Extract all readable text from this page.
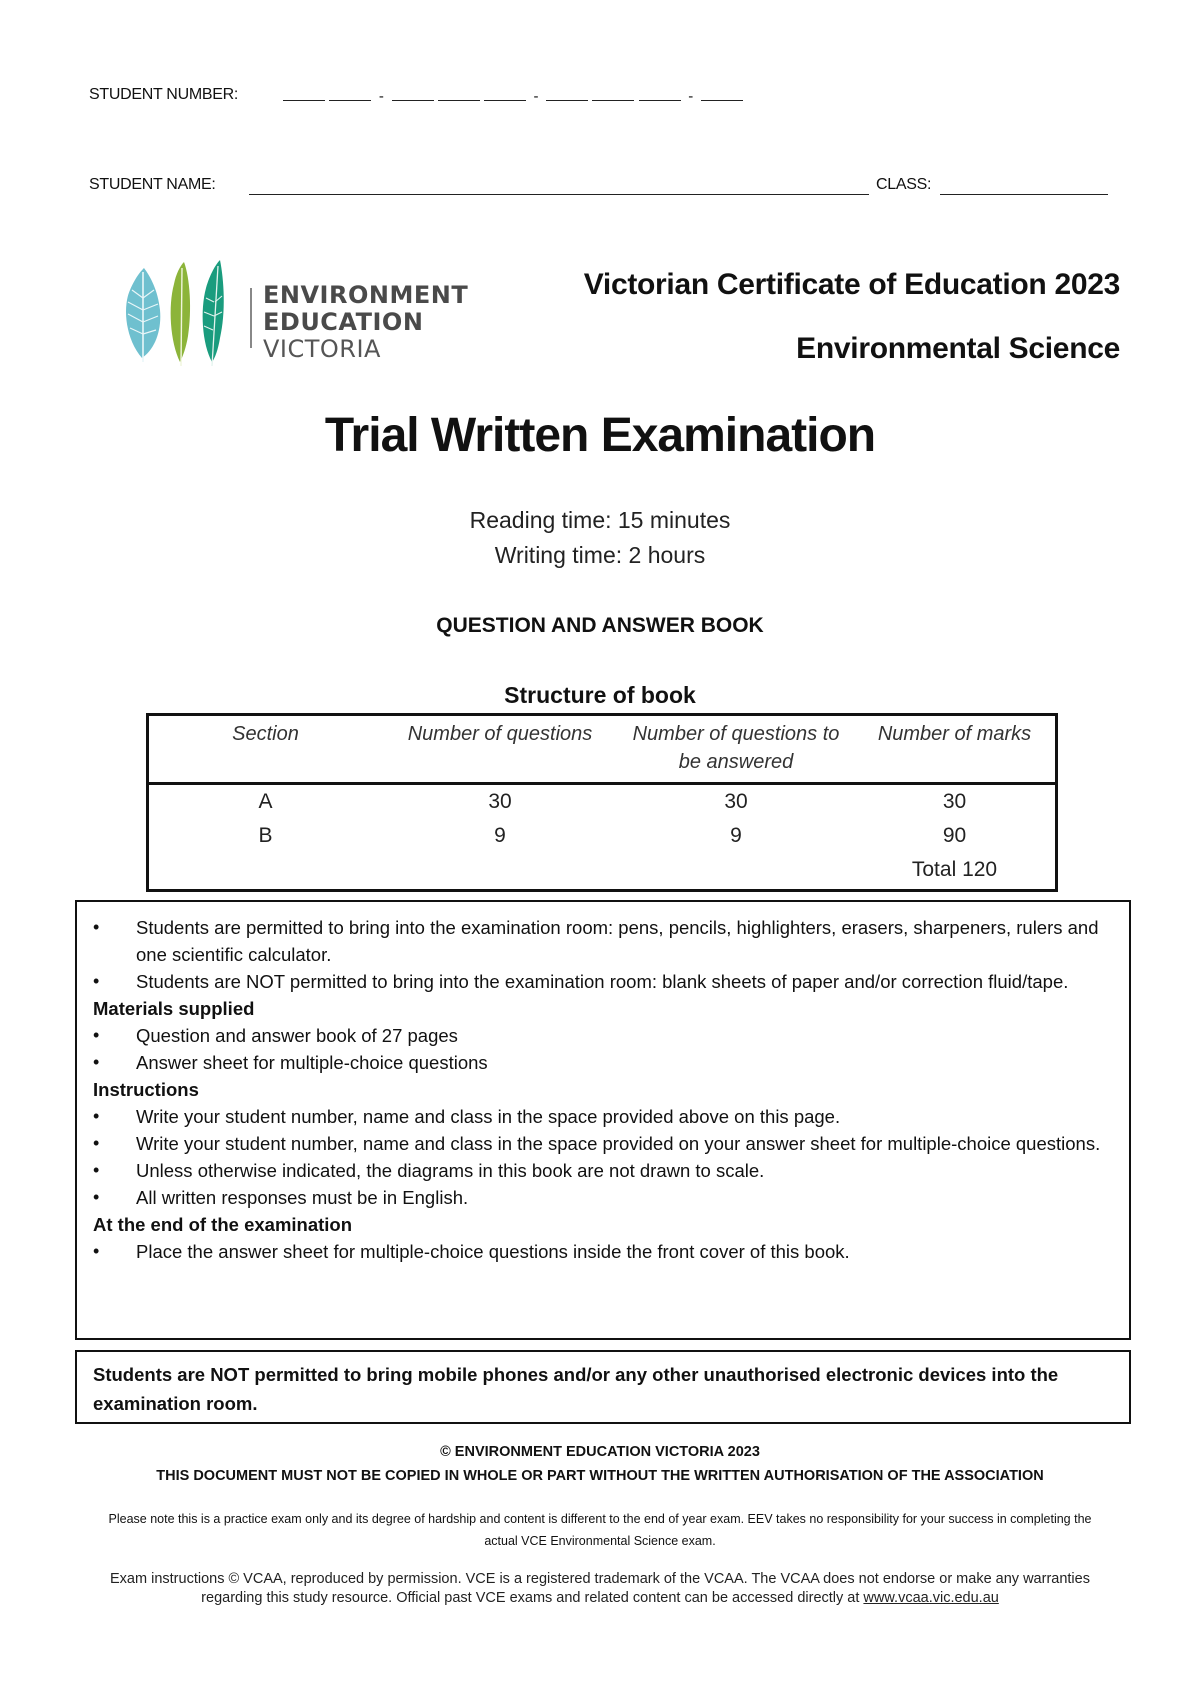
STUDENT NUMBER:	-	-	-
STUDENT NAME:	CLASS:
ENVIRONMENT
EDUCATION
VICTORIA
Victorian Certificate of Education 2023
Environmental Science
Trial Written Examination
Reading time: 15 minutes
Writing time: 2 hours
QUESTION AND ANSWER BOOK
Structure of book
Section	Number of questions	Number of questions to be answered	Number of marks
A	30	30	30
B	9	9	90
			Total 120
• Students are permitted to bring into the examination room: pens, pencils, highlighters, erasers, sharpeners, rulers and one scientific calculator.
• Students are NOT permitted to bring into the examination room: blank sheets of paper and/or correction fluid/tape.
Materials supplied
• Question and answer book of 27 pages
• Answer sheet for multiple-choice questions
Instructions
• Write your student number, name and class in the space provided above on this page.
• Write your student number, name and class in the space provided on your answer sheet for multiple-choice questions.
• Unless otherwise indicated, the diagrams in this book are not drawn to scale.
• All written responses must be in English.
At the end of the examination
• Place the answer sheet for multiple-choice questions inside the front cover of this book.
Students are NOT permitted to bring mobile phones and/or any other unauthorised electronic devices into the examination room.
© ENVIRONMENT EDUCATION VICTORIA 2023
THIS DOCUMENT MUST NOT BE COPIED IN WHOLE OR PART WITHOUT THE WRITTEN AUTHORISATION OF THE ASSOCIATION
Please note this is a practice exam only and its degree of hardship and content is different to the end of year exam. EEV takes no responsibility for your success in completing the actual VCE Environmental Science exam.
Exam instructions © VCAA, reproduced by permission. VCE is a registered trademark of the VCAA. The VCAA does not endorse or make any warranties regarding this study resource. Official past VCE exams and related content can be accessed directly at www.vcaa.vic.edu.au
